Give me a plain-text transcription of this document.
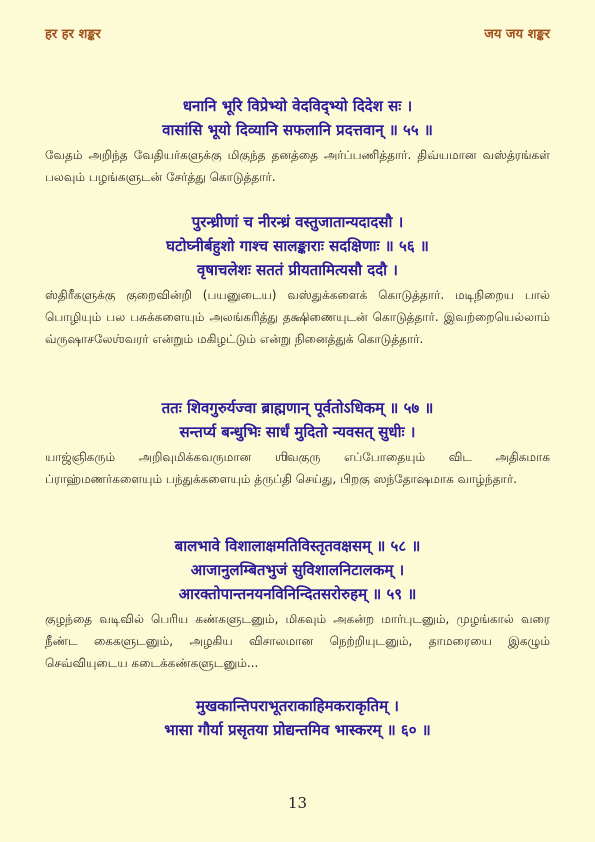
हर हर शङ्कर	जय जय शङ्कर
धनानि भूरि विप्रेभ्यो वेदविद्भ्यो दिदेश सः ।
वासांसि भूयो दिव्यानि सफलानि प्रदत्तवान् ॥ ५५ ॥
வேதம் அறிந்த வேதியர்களுக்கு மிகுந்த தனத்தை அர்ப்பணித்தார். திவ்யமான வஸ்த்ரங்கள் பலவும் பழங்களுடன் சேர்த்து கொடுத்தார்.
पुरन्ध्रीणां च नीरन्ध्रं वस्तुजातान्यदादसौ ।
घटोघ्नीर्बहुशो गाश्च सालङ्काराः सदक्षिणाः ॥ ५६ ॥
वृषाचलेशः सततं प्रीयतामित्यसौ ददौ ।
ஸ்திரீகளுக்கு குறைவின்றி (பயனுடைய) வஸ்துக்களைக் கொடுத்தார். மடிநிறைய பால் பொழியும் பல பசுக்களையும் அலங்கரித்து தக்ஷிணையுடன் கொடுத்தார். இவற்றையெல்லாம் வ்ருஷாசலேஶ்வரர் என்றும் மகிழட்டும் என்று நினைத்துக் கொடுத்தார்.
ततः शिवगुरुर्यज्वा ब्राह्मणान् पूर्वतोऽधिकम् ॥ ५७ ॥
सन्तर्प्य बन्धुभिः सार्धं मुदितो न्यवसत् सुधीः ।
யாஜ்ஞிகரும் அறிவுமிக்கவருமான ஶிவகுரு எப்போதையும் விட அதிகமாக ப்ராஹ்மணர்களையும் பந்துக்களையும் த்ருப்தி செய்து, பிறகு ஸந்தோஷமாக வாழ்ந்தார்.
बालभावे विशालाक्षमतिविस्तृतवक्षसम् ॥ ५८ ॥
आजानुलम्बितभुजं सुविशालनिटालकम् ।
आरक्तोपान्तनयनविनिन्दितसरोरुहम् ॥ ५९ ॥
குழந்தை வடிவில் பெரிய கண்களுடனும், மிகவும் அகன்ற மார்புடனும், முழங்கால் வரை நீண்ட கைகளுடனும், அழகிய விசாலமான நெற்றியுடனும், தாமரையை இகழும் செவ்வியுடைய கடைக்கண்களுடனும்...
मुखकान्तिपराभूतराकाहिमकराकृतिम् ।
भासा गौर्या प्रसृतया प्रोद्यन्तमिव भास्करम् ॥ ६० ॥
13
